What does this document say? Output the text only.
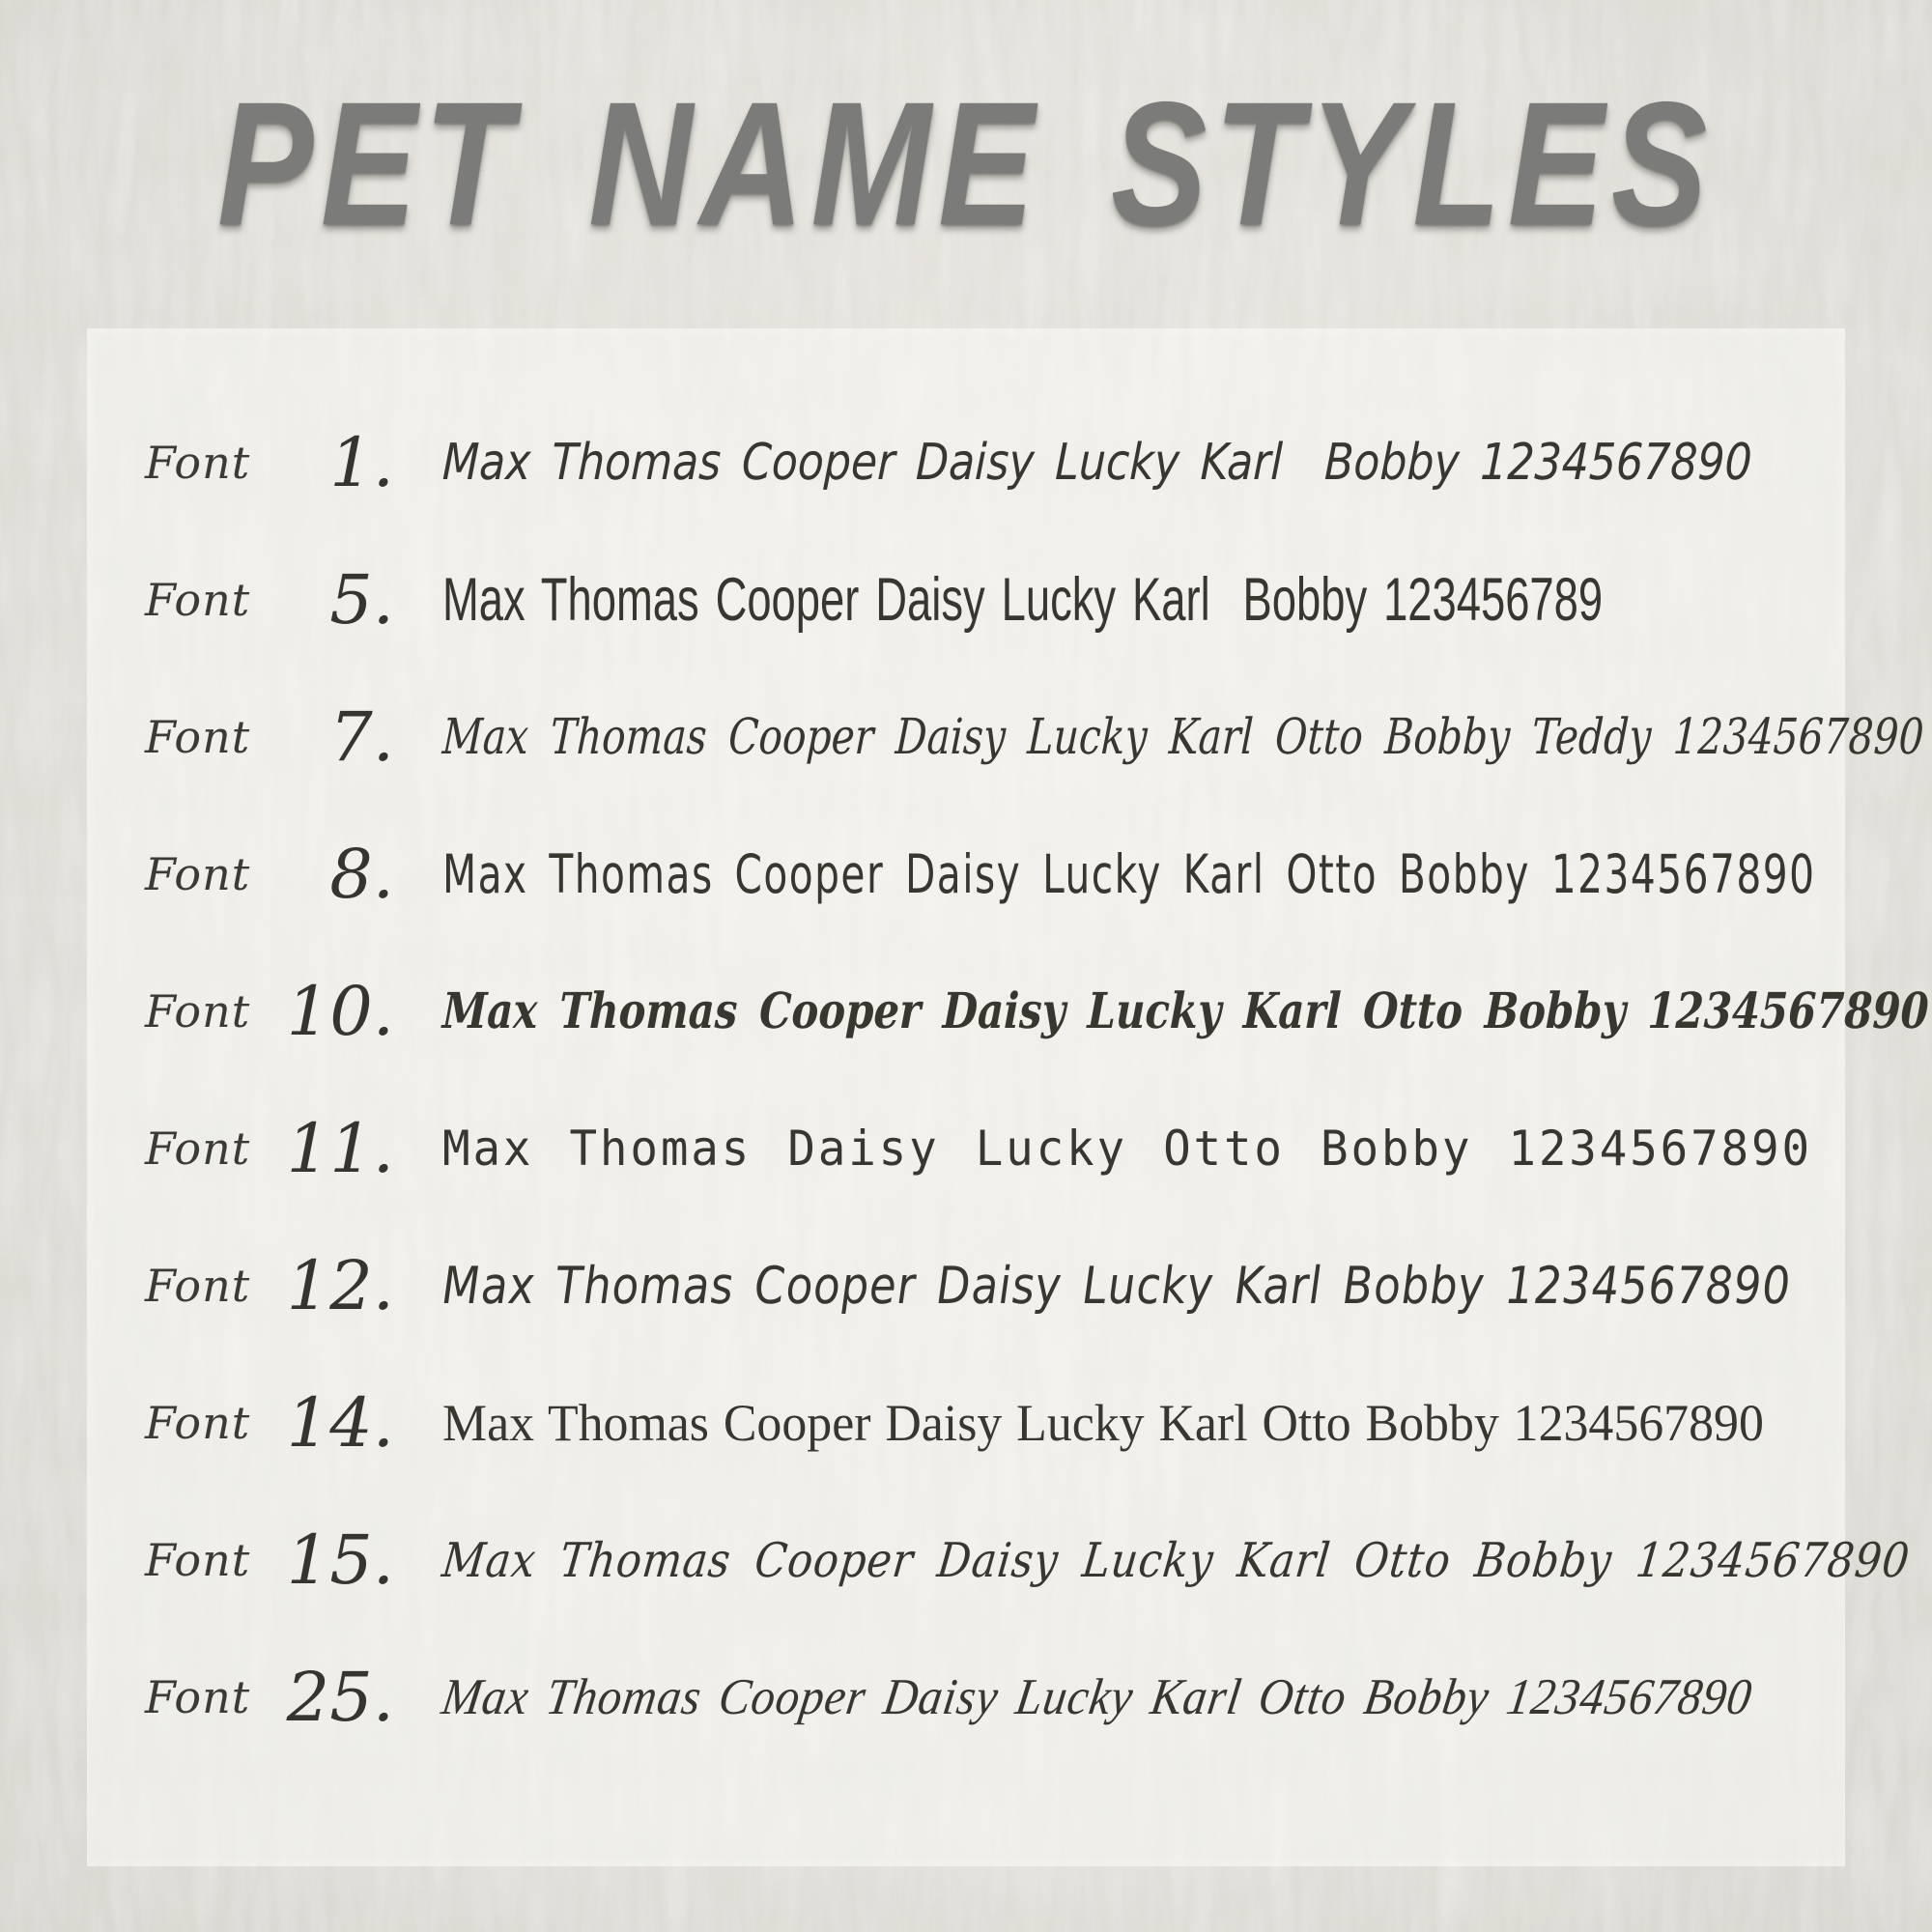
PET NAME STYLES
Font	1. Max Thomas Cooper Daisy Lucky Karl  Bobby 1234567890
Font	5. Max Thomas Cooper Daisy Lucky Karl  Bobby 123456789
Font	7. Max Thomas Cooper Daisy Lucky Karl Otto Bobby Teddy 1234567890
Font	8. Max Thomas Cooper Daisy Lucky Karl Otto Bobby 1234567890
Font 10. Max Thomas Cooper Daisy Lucky Karl Otto Bobby 1234567890
Font 11. Max Thomas Daisy Lucky Otto Bobby 1234567890
Font 12. Max Thomas Cooper Daisy Lucky Karl Bobby 1234567890
Font 14. Max Thomas Cooper Daisy Lucky Karl Otto Bobby 1234567890
Font 15. Max Thomas Cooper Daisy Lucky Karl Otto Bobby 1234567890
Font 25. Max Thomas Cooper Daisy Lucky Karl Otto Bobby 1234567890
